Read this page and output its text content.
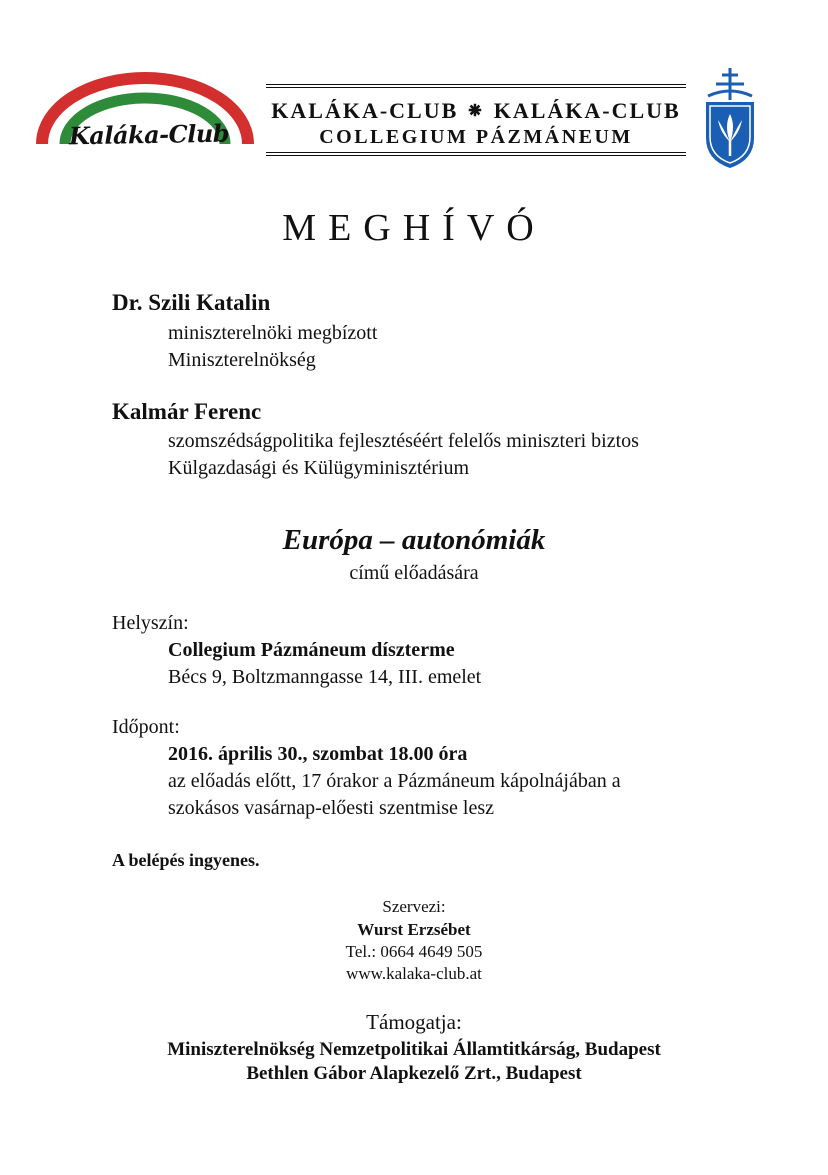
Kaláka-Club
KALÁKA-CLUB ⁕ KALÁKA-CLUB
COLLEGIUM PÁZMÁNEUM
MEGHÍVÓ
Dr. Szili Katalin
miniszterelnöki megbízott
Miniszterelnökség
Kalmár Ferenc
szomszédságpolitika fejlesztéséért felelős miniszteri biztos
Külgazdasági és Külügyminisztérium
Európa – autonómiák
című előadására
Helyszín:
Collegium Pázmáneum díszterme
Bécs 9, Boltzmanngasse 14, III. emelet
Időpont:
2016. április 30., szombat 18.00 óra
az előadás előtt, 17 órakor a Pázmáneum kápolnájában a
szokásos vasárnap-előesti szentmise lesz
A belépés ingyenes.
Szervezi:
Wurst Erzsébet
Tel.: 0664 4649 505
www.kalaka-club.at
Támogatja:
Miniszterelnökség Nemzetpolitikai Államtitkárság, Budapest
Bethlen Gábor Alapkezelő Zrt., Budapest
